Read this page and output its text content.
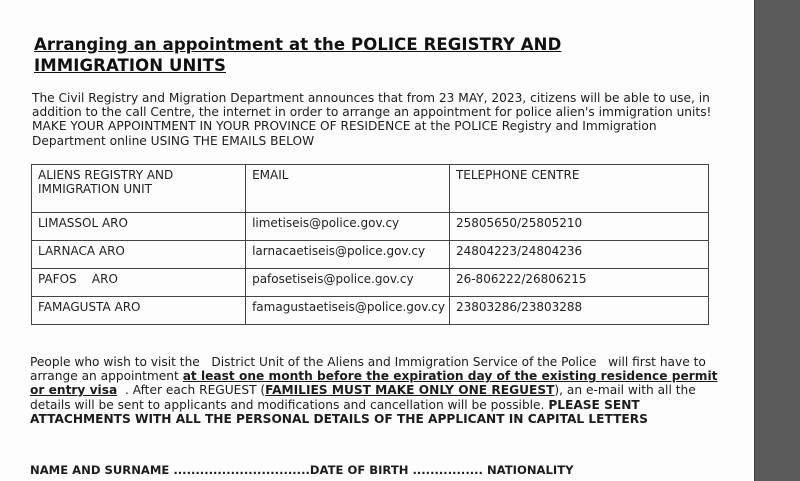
Arranging an appointment at the POLICE REGISTRY AND IMMIGRATION UNITS
The Civil Registry and Migration Department announces that from 23 MAY, 2023, citizens will be able to use, in addition to the call Centre, the internet in order to arrange an appointment for police alien's immigration units! MAKE YOUR APPOINTMENT IN YOUR PROVINCE OF RESIDENCE at the POLICE Registry and Immigration Department online USING THE EMAILS BELOW
ALIENS REGISTRY AND IMMIGRATION UNIT	EMAIL	TELEPHONE CENTRE
LIMASSOL ARO	limetiseis@police.gov.cy	25805650/25805210
LARNACA ARO	larnacaetiseis@police.gov.cy	24804223/24804236
PAFOS    ARO	pafosetiseis@police.gov.cy	26-806222/26806215
FAMAGUSTA ARO	famagustaetiseis@police.gov.cy	23803286/23803288
People who wish to visit the   District Unit of the Aliens and Immigration Service of the Police   will first have to arrange an appointment at least one month before the expiration day of the existing residence permit or entry visa  . After each REGUEST (FAMILIES MUST MAKE ONLY ONE REGUEST), an e-mail with all the details will be sent to applicants and modifications and cancellation will be possible. PLEASE SENT ATTACHMENTS WITH ALL THE PERSONAL DETAILS OF THE APPLICANT IN CAPITAL LETTERS
NAME AND SURNAME ...............................DATE OF BIRTH ................ NATIONALITY
